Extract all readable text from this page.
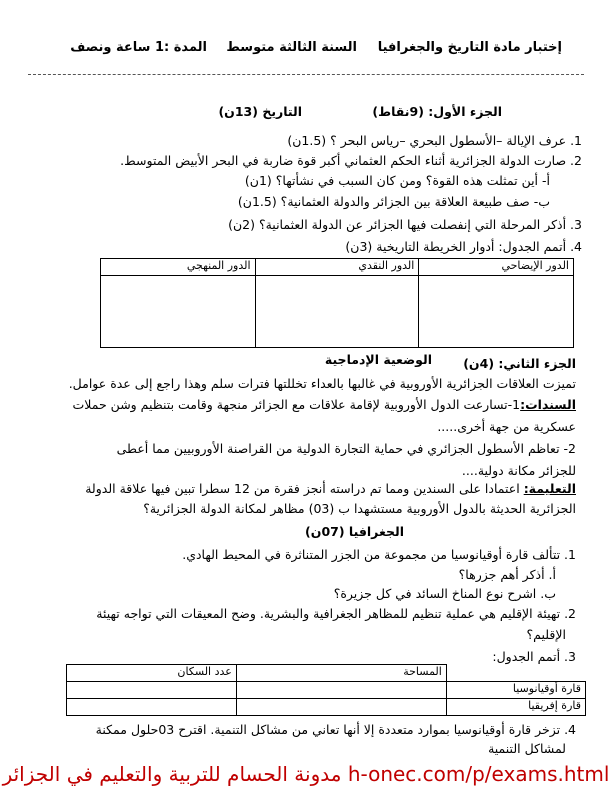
إختبار مادة التاريخ والجغرافيا
السنة الثالثة متوسط
المدة :1 ساعة ونصف
الجزء الأول: (9نقاط)
التاريخ (13ن)
1. عرف الإيالة –الأسطول البحري –رياس البحر ؟ (1.5ن)
2. صارت الدولة الجزائرية أثناء الحكم العثماني أكبر قوة ضاربة في البحر الأبيض المتوسط.
أ- أين تمثلت هذه القوة؟ ومن كان السبب في نشأتها؟ (1ن)
ب- صف طبيعة العلاقة بين الجزائر والدولة العثمانية؟ (1.5ن)
3. أذكر المرحلة التي إنفصلت فيها الجزائر عن الدولة العثمانية؟ (2ن)
4. أتمم الجدول: أدوار الخريطة التاريخية (3ن)
الدور الإيضاحي	الدور النقدي	الدور المنهجي

الجزء الثاني: (4ن)
الوضعية الإدماجية
تميزت العلاقات الجزائرية الأوروبية في غالبها بالعداء تخللتها فترات سلم وهذا راجع إلى عدة عوامل.
السندات:1-تسارعت الدول الأوروبية لإقامة علاقات مع الجزائر منجهة وقامت بتنظيم وشن حملات
عسكرية من جهة أخرى.....
2- تعاظم الأسطول الجزائري في حماية التجارة الدولية من القراصنة الأوروبيين مما أعطى
للجزائر مكانة دولية....
التعليمة: اعتمادا على السندين ومما تم دراسته أنجز فقرة من 12 سطرا تبين فيها علاقة الدولة
الجزائرية الحديثة بالدول الأوروبية مستشهدا ب (03) مظاهر لمكانة الدولة الجزائرية؟
الجغرافيا (07ن)
1. تتألف قارة أوقيانوسيا من مجموعة من الجزر المتناثرة في المحيط الهادي.
أ. أذكر أهم جزرها؟
ب. اشرح نوع المناخ السائد في كل جزيرة؟
2. تهيئة الإقليم هي عملية تنظيم للمظاهر الجغرافية والبشرية. وضح المعيقات التي تواجه تهيئة
الإقليم؟
3. أتمم الجدول:
	المساحة	عدد السكان
قارة أوقيانوسيا		
قارة إفريقيا		
4. تزخر قارة أوقيانوسيا بموارد متعددة إلا أنها تعاني من مشاكل التنمية. اقترح 03حلول ممكنة
لمشاكل التنمية
h-onec.com/p/exams.html مدونة الحسام للتربية والتعليم في الجزائر
